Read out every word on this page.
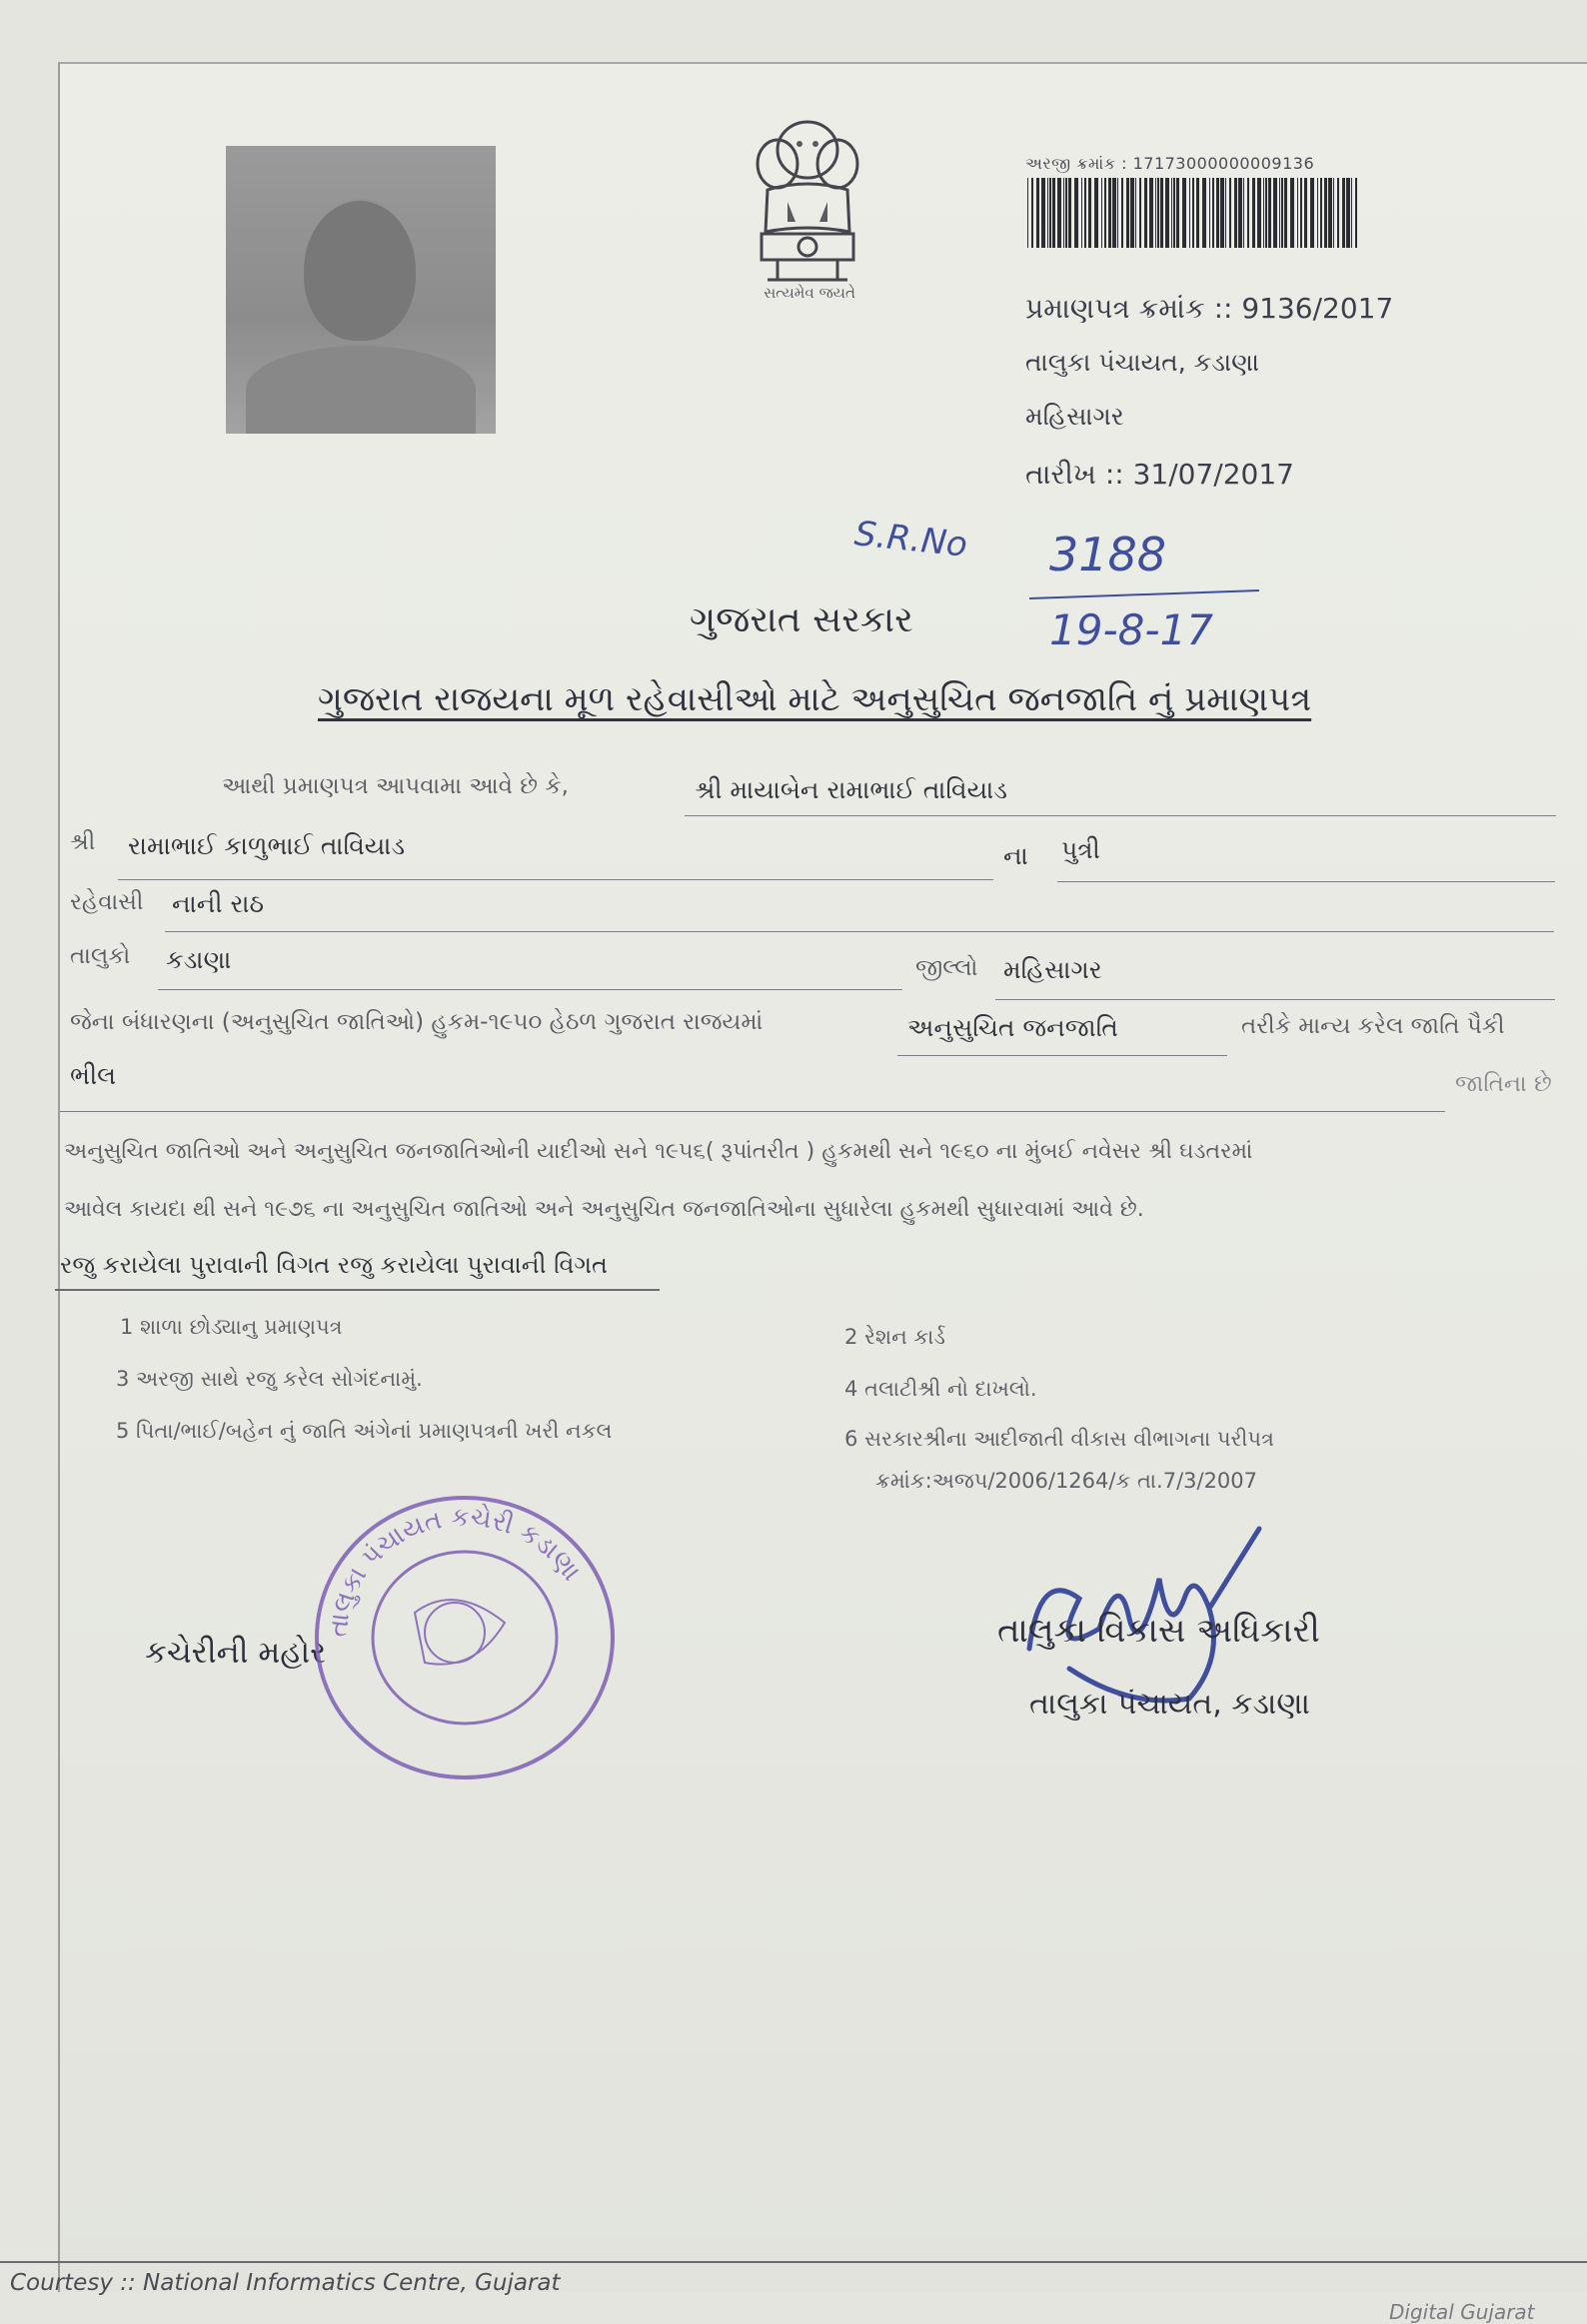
સત્યમેવ જયતે
અરજી ક્રમાંક : 17173000000009136
પ્રમાણપત્ર ક્રમાંક :: 9136/2017
તાલુકા પંચાયત, કડાણા
મહિસાગર
તારીખ :: 31/07/2017
S.R.No 3188
19-8-17
ગુજરાત સરકાર
ગુજરાત રાજયના મૂળ રહેવાસીઓ માટે અનુસુચિત જનજાતિ નું પ્રમાણપત્ર
આથી પ્રમાણપત્ર આપવામા આવે છે કે,	શ્રી માયાબેન રામાભાઈ તાવિયાડ
શ્રી રામાભાઈ કાળુભાઈ તાવિયાડ	ના પુત્રી
રહેવાસી નાની રાઠ
તાલુકો કડાણા	જીલ્લો મહિસાગર
જેના બંધારણના (અનુસુચિત જાતિઓ) હુકમ-૧૯૫૦ હેઠળ ગુજરાત રાજયમાં	અનુસુચિત જનજાતિ	તરીકે માન્ય કરેલ જાતિ પૈકી
ભીલ	જાતિના છે
અનુસુચિત જાતિઓ અને અનુસુચિત જનજાતિઓની યાદીઓ સને ૧૯૫૬( રૂપાંતરીત ) હુકમથી સને ૧૯૬૦ ના મુંબઈ નવેસર શ્રી ઘડતરમાં
આવેલ કાયદા થી સને ૧૯૭૬ ના અનુસુચિત જાતિઓ અને અનુસુચિત જનજાતિઓના સુધારેલા હુકમથી સુધારવામાં આવે છે.
રજુ કરાયેલા પુરાવાની વિગત રજુ કરાયેલા પુરાવાની વિગત
1 શાળા છોડ્યાનુ પ્રમાણપત્ર	2 રેશન કાર્ડ
3 અરજી સાથે રજુ કરેલ સોગંદનામું.	4 તલાટીશ્રી નો દાખલો.
5 પિતા/ભાઈ/બહેન નું જાતિ અંગેનાં પ્રમાણપત્રની ખરી નકલ	6 સરકારશ્રીના આદીજાતી વીકાસ વીભાગના પરીપત્ર
ક્રમાંક:અજપ/2006/1264/ક તા.7/3/2007
કચેરીની મહોર
તાલુકા પંચાયત કચેરી કડાણા
તાલુકા વિકાસ અધિકારી
તાલુકા પંચાયત, કડાણા
Courtesy :: National Informatics Centre, Gujarat
Digital Gujarat
